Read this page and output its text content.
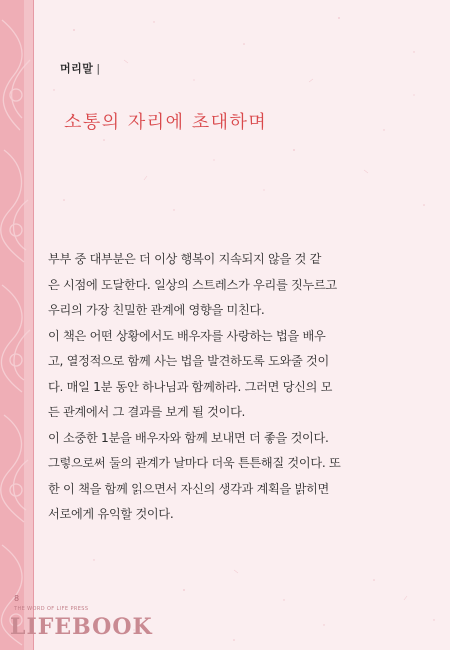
머리말 |
소통의 자리에 초대하며
부부 중 대부분은 더 이상 행복이 지속되지 않을 것 같
은 시점에 도달한다. 일상의 스트레스가 우리를 짓누르고
우리의 가장 친밀한 관계에 영향을 미친다.
이 책은 어떤 상황에서도 배우자를 사랑하는 법을 배우
고, 열정적으로 함께 사는 법을 발견하도록 도와줄 것이
다. 매일 1분 동안 하나님과 함께하라. 그러면 당신의 모
든 관계에서 그 결과를 보게 될 것이다.
이 소중한 1분을 배우자와 함께 보내면 더 좋을 것이다.
그렇으로써 둘의 관계가 날마다 더욱 튼튼해질 것이다. 또
한 이 책을 함께 읽으면서 자신의 생각과 계획을 밝히면
서로에게 유익할 것이다.
8
THE WORD OF LIFE PRESS
LIFEBOOK
